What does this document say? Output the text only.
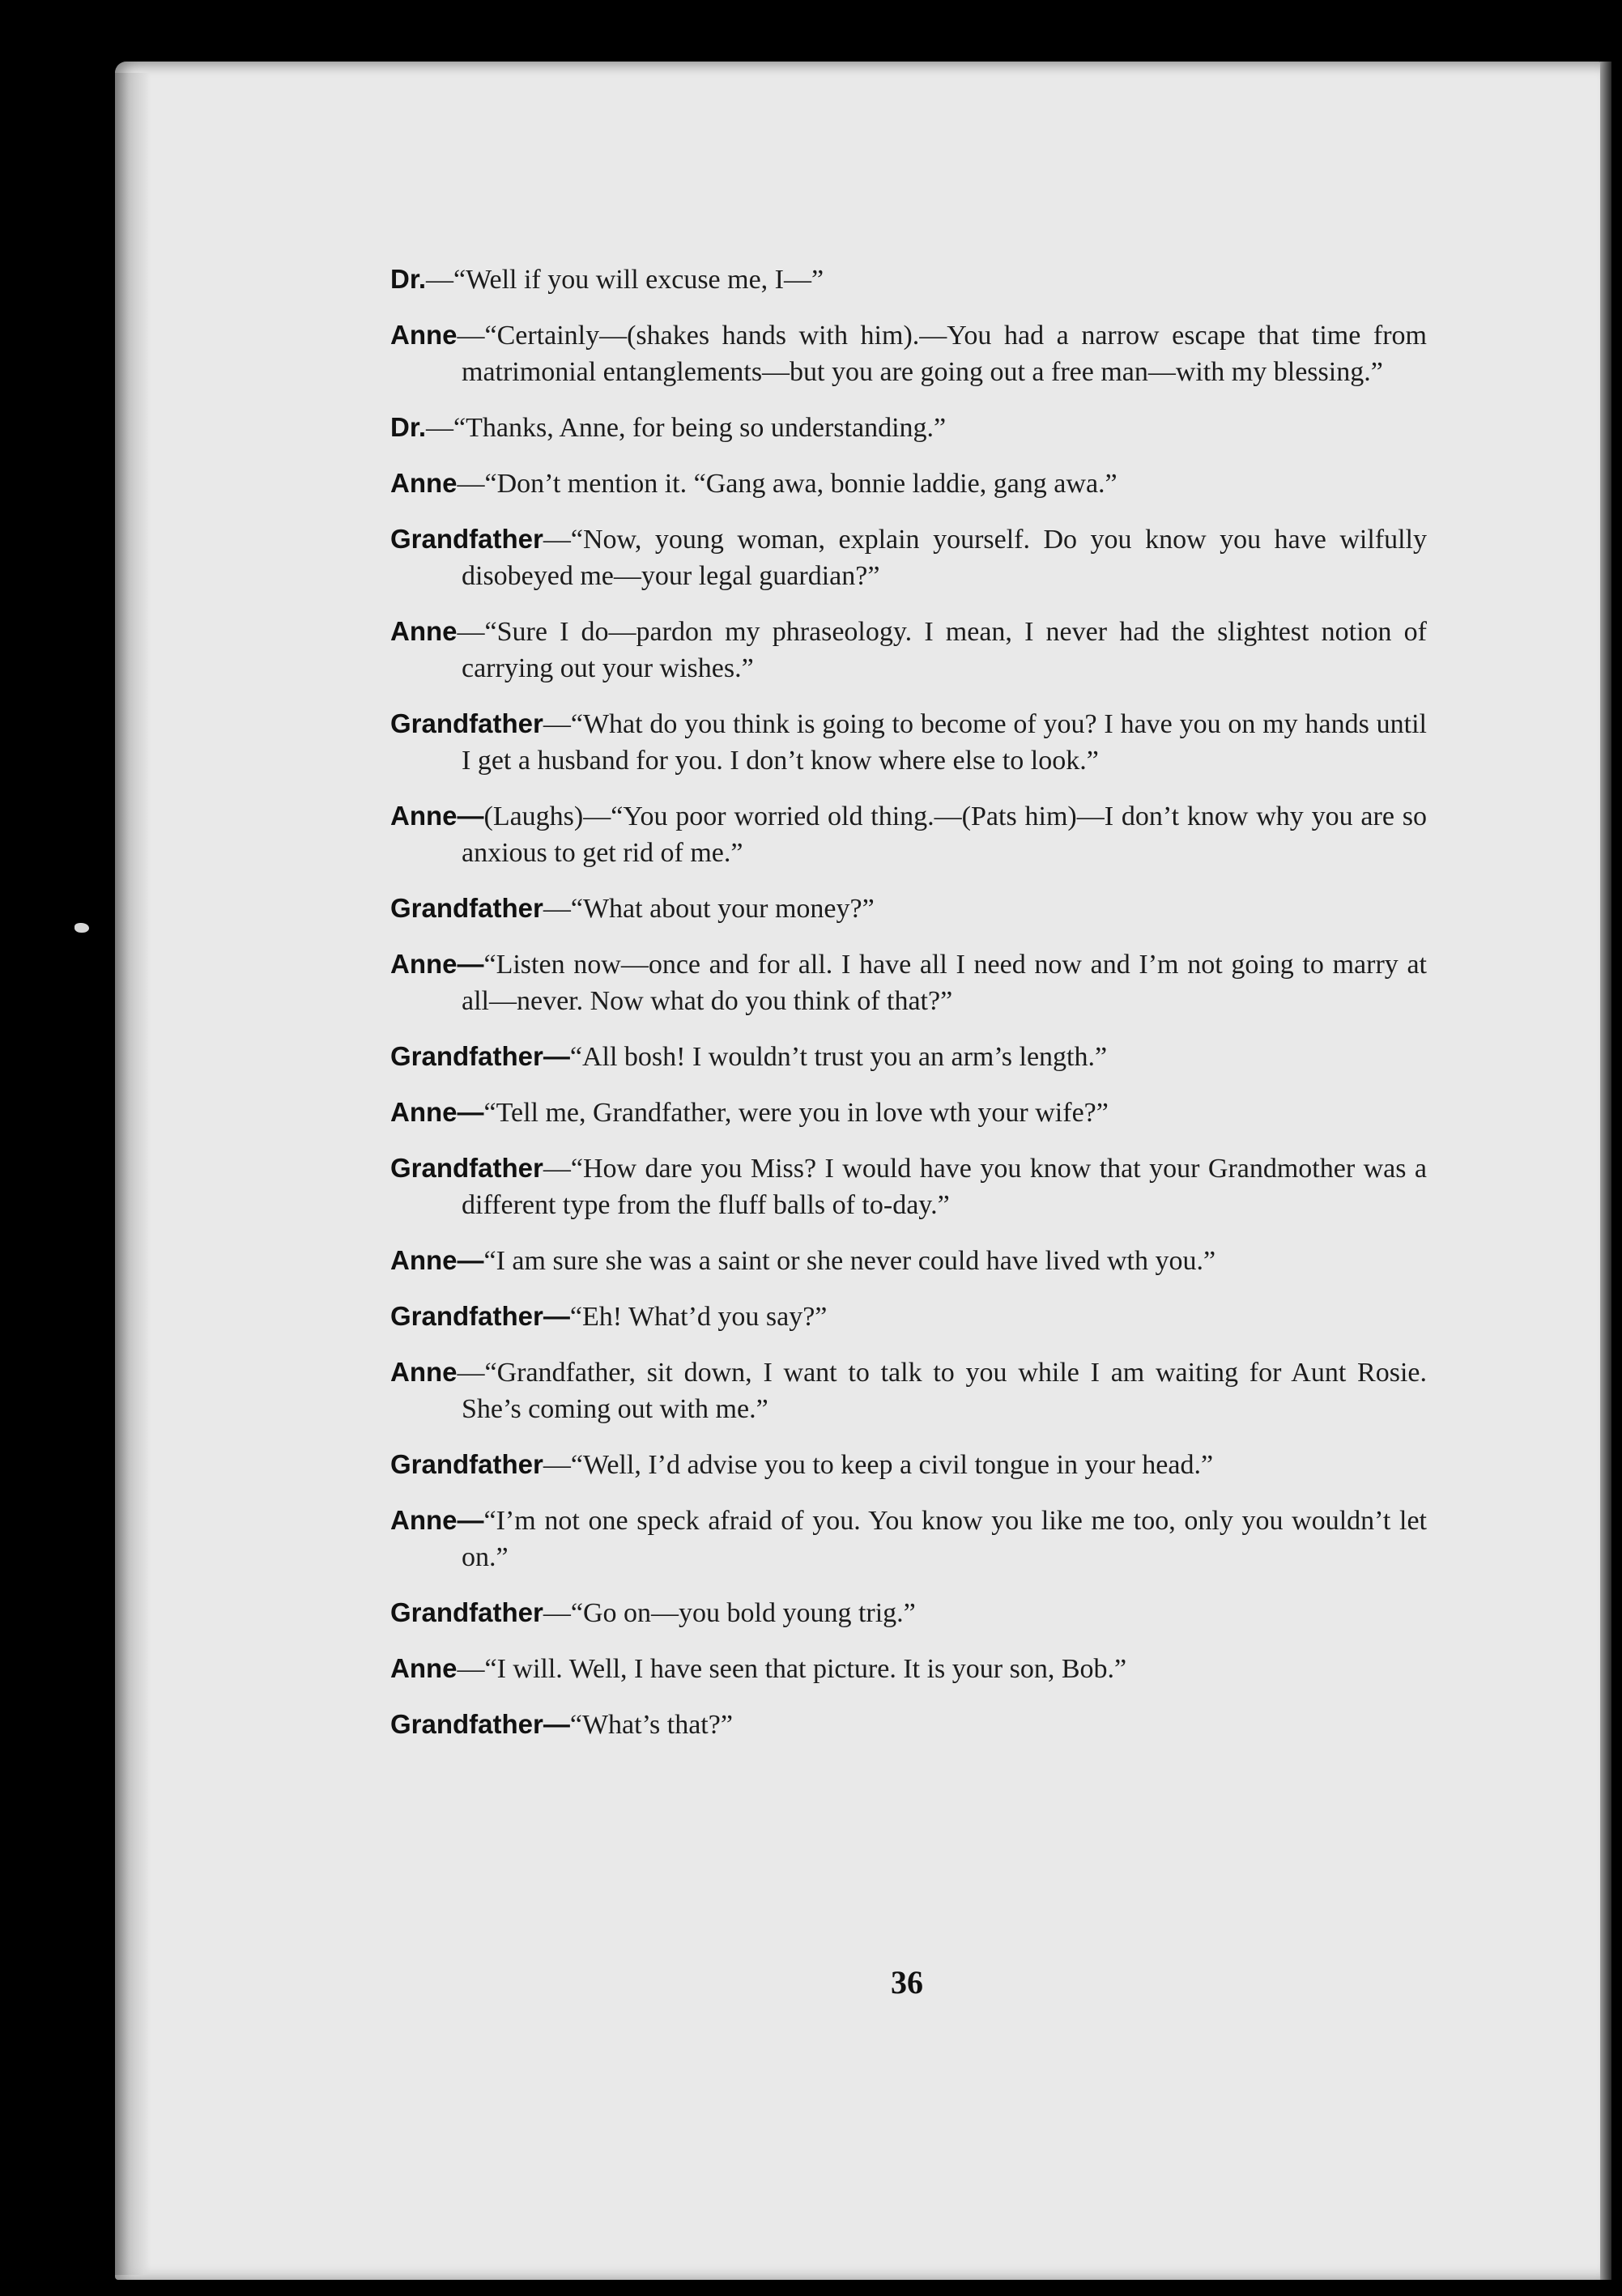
Dr.—“Well if you will excuse me, I—”

Anne—“Certainly—(shakes hands with him).—You had a narrow escape that time from matrimonial entanglements—but you are going out a free man—with my blessing.”

Dr.—“Thanks, Anne, for being so understanding.”

Anne—“Don’t mention it. “Gang awa, bonnie laddie, gang awa.”

Grandfather—“Now, young woman, explain yourself. Do you know you have wilfully disobeyed me—your legal guardian?”

Anne—“Sure I do—pardon my phraseology. I mean, I never had the slightest notion of carrying out your wishes.”

Grandfather—“What do you think is going to become of you? I have you on my hands until I get a husband for you. I don’t know where else to look.”

Anne—(Laughs)—“You poor worried old thing.—(Pats him)—I don’t know why you are so anxious to get rid of me.”

Grandfather—“What about your money?”

Anne—“Listen now—once and for all. I have all I need now and I’m not going to marry at all—never. Now what do you think of that?”

Grandfather—“All bosh! I wouldn’t trust you an arm’s length.”

Anne—“Tell me, Grandfather, were you in love wth your wife?”

Grandfather—“How dare you Miss? I would have you know that your Grandmother was a different type from the fluff balls of to-day.”

Anne—“I am sure she was a saint or she never could have lived wth you.”

Grandfather—“Eh! What’d you say?”

Anne—“Grandfather, sit down, I want to talk to you while I am waiting for Aunt Rosie. She’s coming out with me.”

Grandfather—“Well, I’d advise you to keep a civil tongue in your head.”

Anne—“I’m not one speck afraid of you. You know you like me too, only you wouldn’t let on.”

Grandfather—“Go on—you bold young trig.”

Anne—“I will. Well, I have seen that picture. It is your son, Bob.”

Grandfather—“What’s that?”

36
